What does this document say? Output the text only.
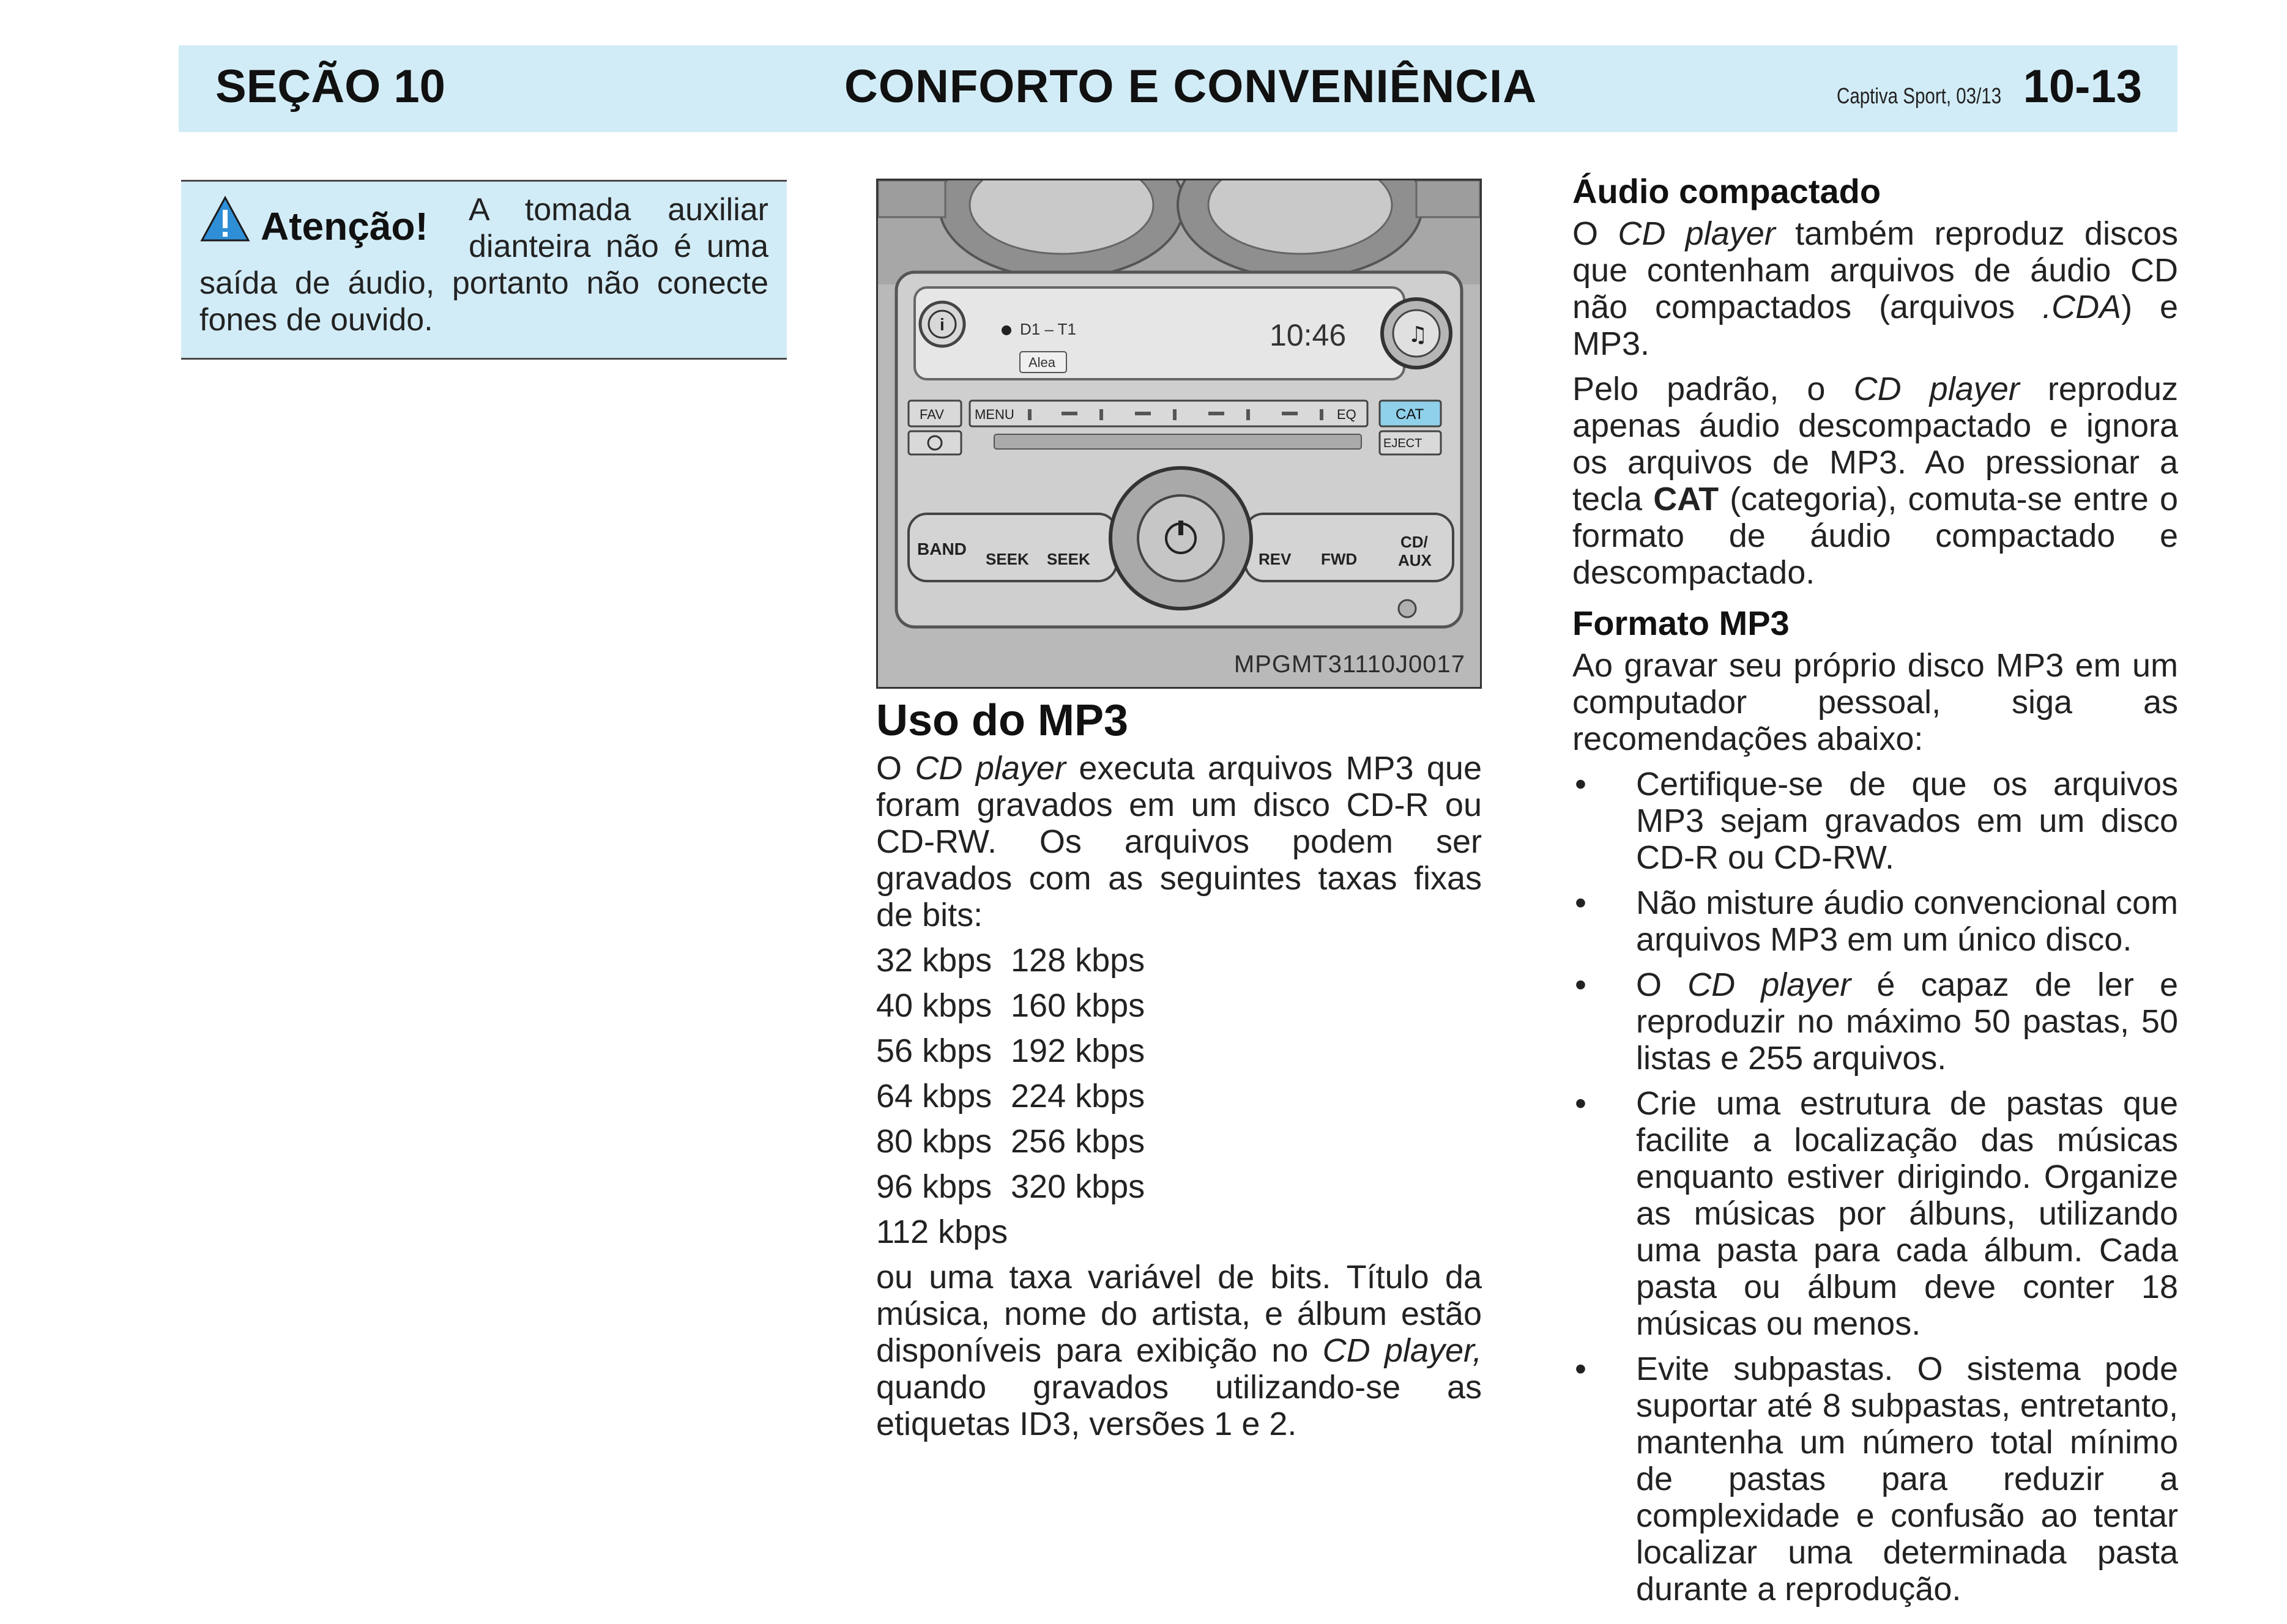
SEÇÃO 10	CONFORTO E CONVENIÊNCIA	Captiva Sport, 03/13 10-13
Atenção!	A tomada auxiliar dianteira não é uma saída de áudio, portanto não conecte fones de ouvido.	i	D1 – T1
Alea
10:46	♫
FAV MENU	EQ	CAT
EJECT
BAND
SEEK SEEK	REV FWD
CD/
AUX
MPGMT31110J0017
Uso do MP3

O CD player executa arquivos MP3 que foram gravados em um disco CD-R ou CD-RW. Os arquivos podem ser gravados com as seguintes taxas fixas de bits:

32 kbps 128 kbps
40 kbps 160 kbps
56 kbps 192 kbps
64 kbps 224 kbps
80 kbps 256 kbps
96 kbps 320 kbps
112 kbps

ou uma taxa variável de bits. Título da música, nome do artista, e álbum estão disponíveis para exibição no CD player, quando gravados utilizando-se as etiquetas ID3, versões 1 e 2.

Áudio compactado

O CD player também reproduz discos que contenham arquivos de áudio CD não compactados (arquivos .CDA) e MP3.

Pelo padrão, o CD player reproduz apenas áudio descompactado e ignora os arquivos de MP3. Ao pressionar a tecla CAT (categoria), comuta-se entre o formato de áudio compactado e descompactado.

Formato MP3

Ao gravar seu próprio disco MP3 em um computador pessoal, siga as recomendações abaixo:

• Certifique-se de que os arquivos MP3 sejam gravados em um disco CD-R ou CD-RW.
• Não misture áudio convencional com arquivos MP3 em um único disco.
• O CD player é capaz de ler e reproduzir no máximo 50 pastas, 50 listas e 255 arquivos.
• Crie uma estrutura de pastas que facilite a localização das músicas enquanto estiver dirigindo. Organize as músicas por álbuns, utilizando uma pasta para cada álbum. Cada pasta ou álbum deve conter 18 músicas ou menos.
• Evite subpastas. O sistema pode suportar até 8 subpastas, entretanto, mantenha um número total mínimo de pastas para reduzir a complexidade e confusão ao tentar localizar uma determinada pasta durante a reprodução.
